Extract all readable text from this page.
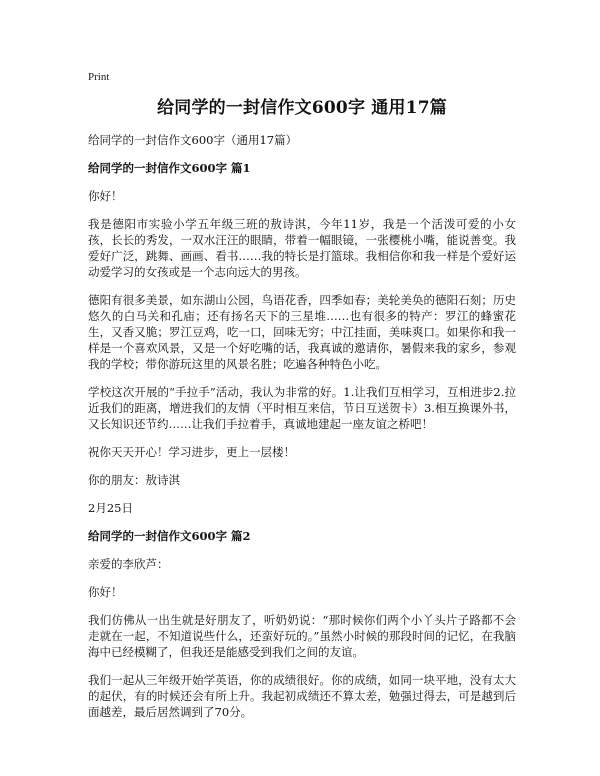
Print
给同学的一封信作文600字 通用17篇
给同学的一封信作文600字（通用17篇）
给同学的一封信作文600字 篇1

你好！

我是德阳市实验小学五年级三班的敖诗淇，今年11岁，我是一个活泼可爱的小女孩，长长的秀发，一双水汪汪的眼睛，带着一幅眼镜，一张樱桃小嘴，能说善变。我爱好广泛，跳舞、画画、看书……我的特长是打篮球。我相信你和我一样是个爱好运动爱学习的女孩或是一个志向远大的男孩。

德阳有很多美景，如东湖山公园，鸟语花香，四季如春；美轮美奂的德阳石刻；历史悠久的白马关和孔庙；还有扬名天下的三星堆……也有很多的特产：罗江的蜂蜜花生，又香又脆；罗江豆鸡，吃一口，回味无穷；中江挂面，美味爽口。如果你和我一样是一个喜欢风景，又是一个好吃嘴的话，我真诚的邀请你，暑假来我的家乡，参观我的学校；带你游玩这里的风景名胜；吃遍各种特色小吃。

学校这次开展的“手拉手”活动，我认为非常的好。1.让我们互相学习，互相进步2.拉近我们的距离，增进我们的友情（平时相互来信，节日互送贺卡）3.相互换课外书，又长知识还节约……让我们手拉着手，真诚地建起一座友谊之桥吧！

祝你天天开心！学习进步，更上一层楼！

你的朋友：敖诗淇

2月25日

给同学的一封信作文600字 篇2

亲爱的李欣芦：

你好！

我们仿佛从一出生就是好朋友了，听奶奶说：“那时候你们两个小丫头片子路都不会走就在一起，不知道说些什么，还蛮好玩的。”虽然小时候的那段时间的记忆，在我脑海中已经模糊了，但我还是能感受到我们之间的友谊。

我们一起从三年级开始学英语，你的成绩很好。你的成绩，如同一块平地，没有太大的起伏，有的时候还会有所上升。我起初成绩还不算太差，勉强过得去，可是越到后面越差，最后居然调到了70分。
